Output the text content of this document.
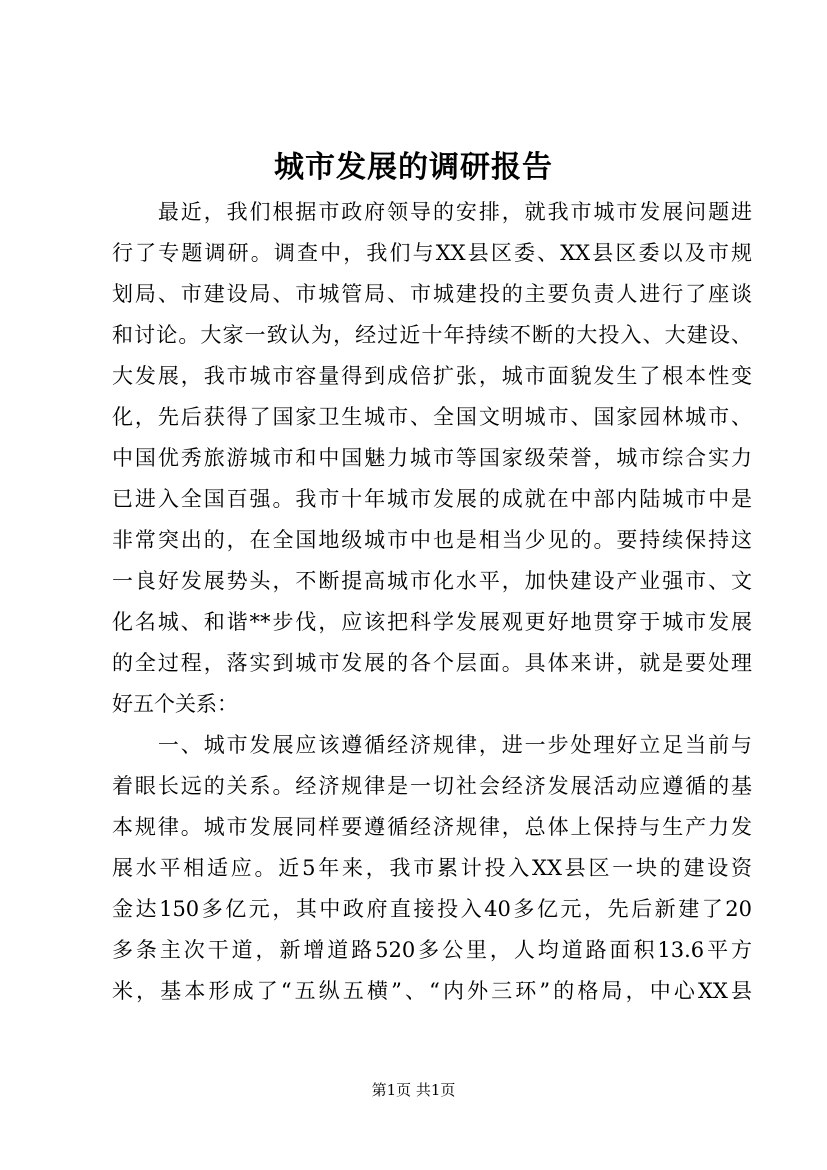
城市发展的调研报告
　　最近，我们根据市政府领导的安排，就我市城市发展问题进
行了专题调研。调查中，我们与XX县区委、XX县区委以及市规
划局、市建设局、市城管局、市城建投的主要负责人进行了座谈
和讨论。大家一致认为，经过近十年持续不断的大投入、大建设、
大发展，我市城市容量得到成倍扩张，城市面貌发生了根本性变
化，先后获得了国家卫生城市、全国文明城市、国家园林城市、
中国优秀旅游城市和中国魅力城市等国家级荣誉，城市综合实力
已进入全国百强。我市十年城市发展的成就在中部内陆城市中是
非常突出的，在全国地级城市中也是相当少见的。要持续保持这
一良好发展势头，不断提高城市化水平，加快建设产业强市、文
化名城、和谐**步伐，应该把科学发展观更好地贯穿于城市发展
的全过程，落实到城市发展的各个层面。具体来讲，就是要处理
好五个关系：
　　一、城市发展应该遵循经济规律，进一步处理好立足当前与
着眼长远的关系。经济规律是一切社会经济发展活动应遵循的基
本规律。城市发展同样要遵循经济规律，总体上保持与生产力发
展水平相适应。近5年来，我市累计投入XX县区一块的建设资
金达150多亿元，其中政府直接投入40多亿元，先后新建了20
多条主次干道，新增道路520多公里，人均道路面积13.6平方
米，基本形成了“五纵五横”、“内外三环”的格局，中心XX县
第1页 共1页
